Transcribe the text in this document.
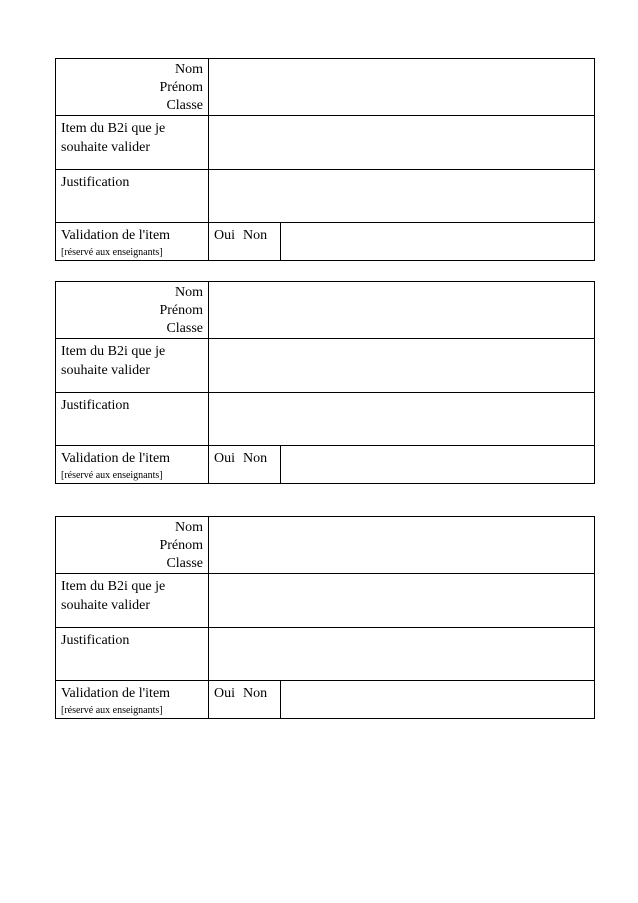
Nom
Prénom
Classe		

Item du B2i que je souhaite valider		

Justification		

Validation de l'item
[réservé aux enseignants]	Oui Non	

Nom
Prénom
Classe		

Item du B2i que je souhaite valider		

Justification		

Validation de l'item
[réservé aux enseignants]	Oui Non	

Nom
Prénom
Classe		

Item du B2i que je souhaite valider		

Justification		

Validation de l'item
[réservé aux enseignants]	Oui Non	
